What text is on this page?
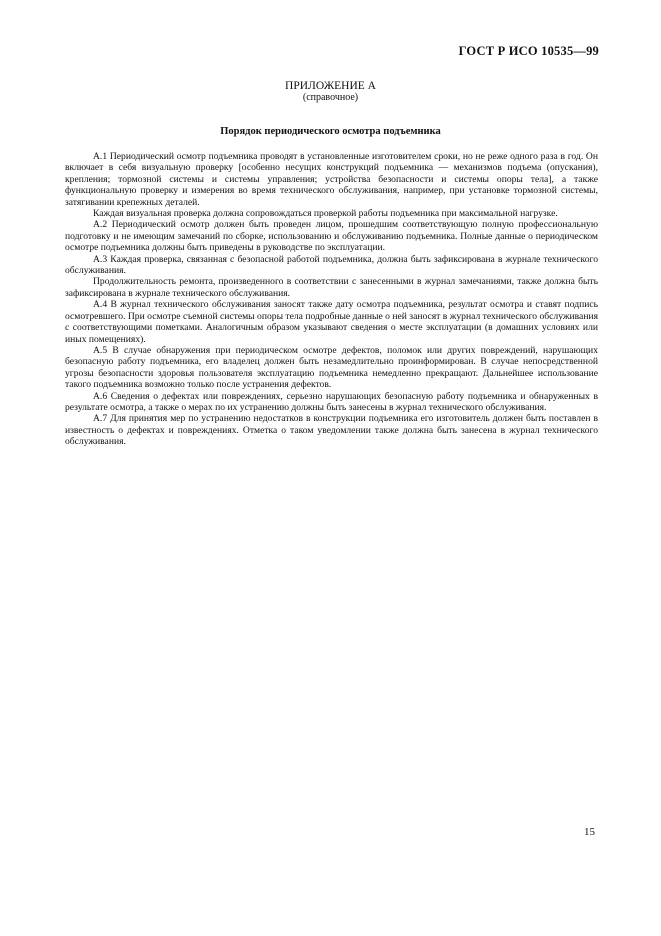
ГОСТ Р ИСО 10535—99
ПРИЛОЖЕНИЕ А
(справочное)
Порядок периодического осмотра подъемника

А.1 Периодический осмотр подъемника проводят в установленные изготовителем сроки, но не реже одного раза в год. Он включает в себя визуальную проверку [особенно несущих конструкций подъемника — механизмов подъема (опускания), крепления; тормозной системы и системы управления; устройства безопасности и системы опоры тела], а также функциональную проверку и измерения во время технического обслуживания, например, при установке тормозной системы, затягивании крепежных деталей.

Каждая визуальная проверка должна сопровождаться проверкой работы подъемника при максимальной нагрузке.

А.2 Периодический осмотр должен быть проведен лицом, прошедшим соответствующую полную профессиональную подготовку и не имеющим замечаний по сборке, использованию и обслуживанию подъемника. Полные данные о периодическом осмотре подъемника должны быть приведены в руководстве по эксплуатации.

А.3 Каждая проверка, связанная с безопасной работой подъемника, должна быть зафиксирована в журнале технического обслуживания.

Продолжительность ремонта, произведенного в соответствии с занесенными в журнал замечаниями, также должна быть зафиксирована в журнале технического обслуживания.

А.4 В журнал технического обслуживания заносят также дату осмотра подъемника, результат осмотра и ставят подпись осмотревшего. При осмотре съемной системы опоры тела подробные данные о ней заносят в журнал технического обслуживания с соответствующими пометками. Аналогичным образом указывают сведения о месте эксплуатации (в домашних условиях или иных помещениях).

А.5 В случае обнаружения при периодическом осмотре дефектов, поломок или других повреждений, нарушающих безопасную работу подъемника, его владелец должен быть незамедлительно проинформирован. В случае непосредственной угрозы безопасности здоровья пользователя эксплуатацию подъемника немедленно прекращают. Дальнейшее использование такого подъемника возможно только после устранения дефектов.

А.6 Сведения о дефектах или повреждениях, серьезно нарушающих безопасную работу подъемника и обнаруженных в результате осмотра, а также о мерах по их устранению должны быть занесены в журнал технического обслуживания.

А.7 Для принятия мер по устранению недостатков в конструкции подъемника его изготовитель должен быть поставлен в известность о дефектах и повреждениях. Отметка о таком уведомлении также должна быть занесена в журнал технического обслуживания.

15
